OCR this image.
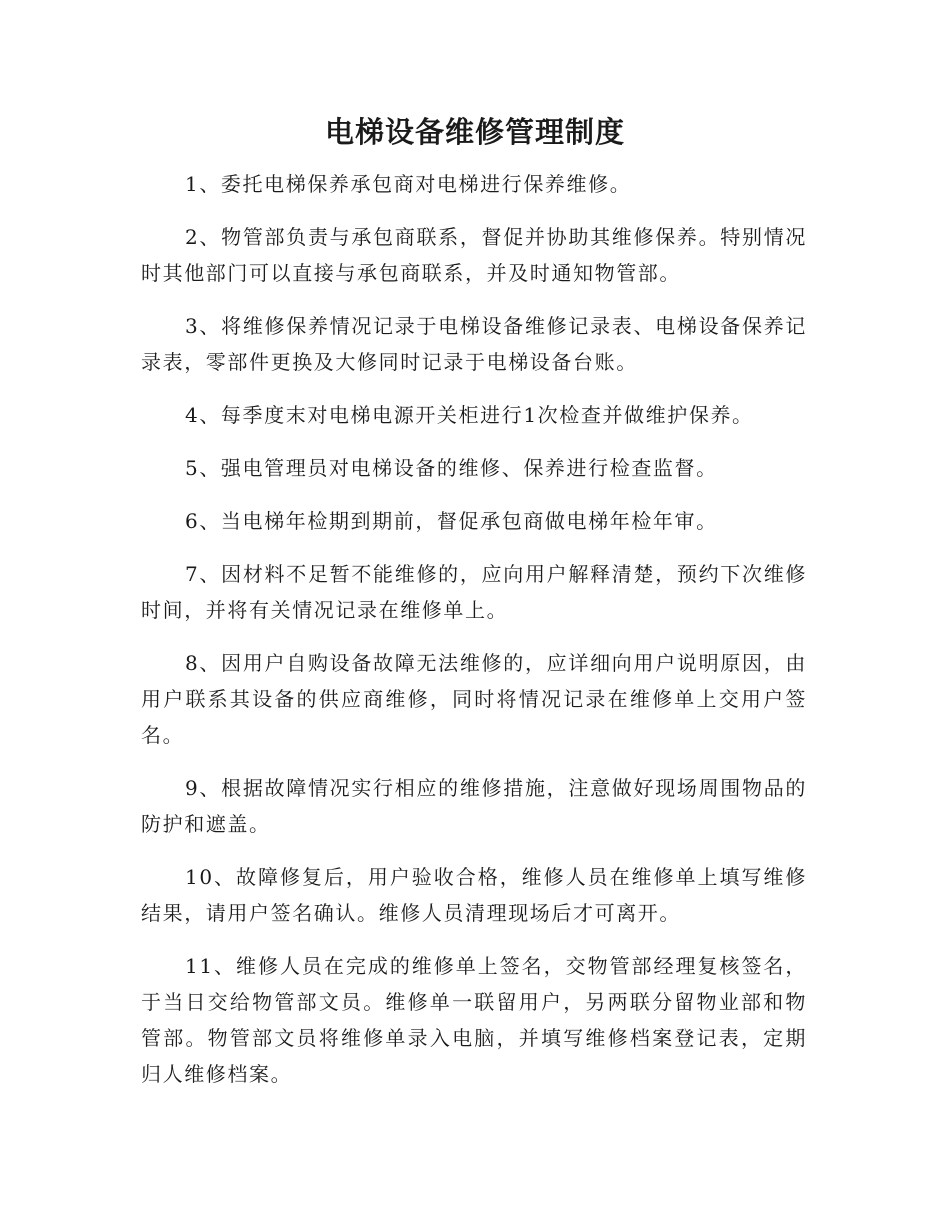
电梯设备维修管理制度

1、委托电梯保养承包商对电梯进行保养维修。

2、物管部负责与承包商联系，督促并协助其维修保养。特别情况时其他部门可以直接与承包商联系，并及时通知物管部。

3、将维修保养情况记录于电梯设备维修记录表、电梯设备保养记录表，零部件更换及大修同时记录于电梯设备台账。

4、每季度末对电梯电源开关柜进行1次检查并做维护保养。

5、强电管理员对电梯设备的维修、保养进行检查监督。

6、当电梯年检期到期前，督促承包商做电梯年检年审。

7、因材料不足暂不能维修的，应向用户解释清楚，预约下次维修时间，并将有关情况记录在维修单上。

8、因用户自购设备故障无法维修的，应详细向用户说明原因，由用户联系其设备的供应商维修，同时将情况记录在维修单上交用户签名。

9、根据故障情况实行相应的维修措施，注意做好现场周围物品的防护和遮盖。

10、故障修复后，用户验收合格，维修人员在维修单上填写维修结果，请用户签名确认。维修人员清理现场后才可离开。

11、维修人员在完成的维修单上签名，交物管部经理复核签名，于当日交给物管部文员。维修单一联留用户，另两联分留物业部和物管部。物管部文员将维修单录入电脑，并填写维修档案登记表，定期归人维修档案。
